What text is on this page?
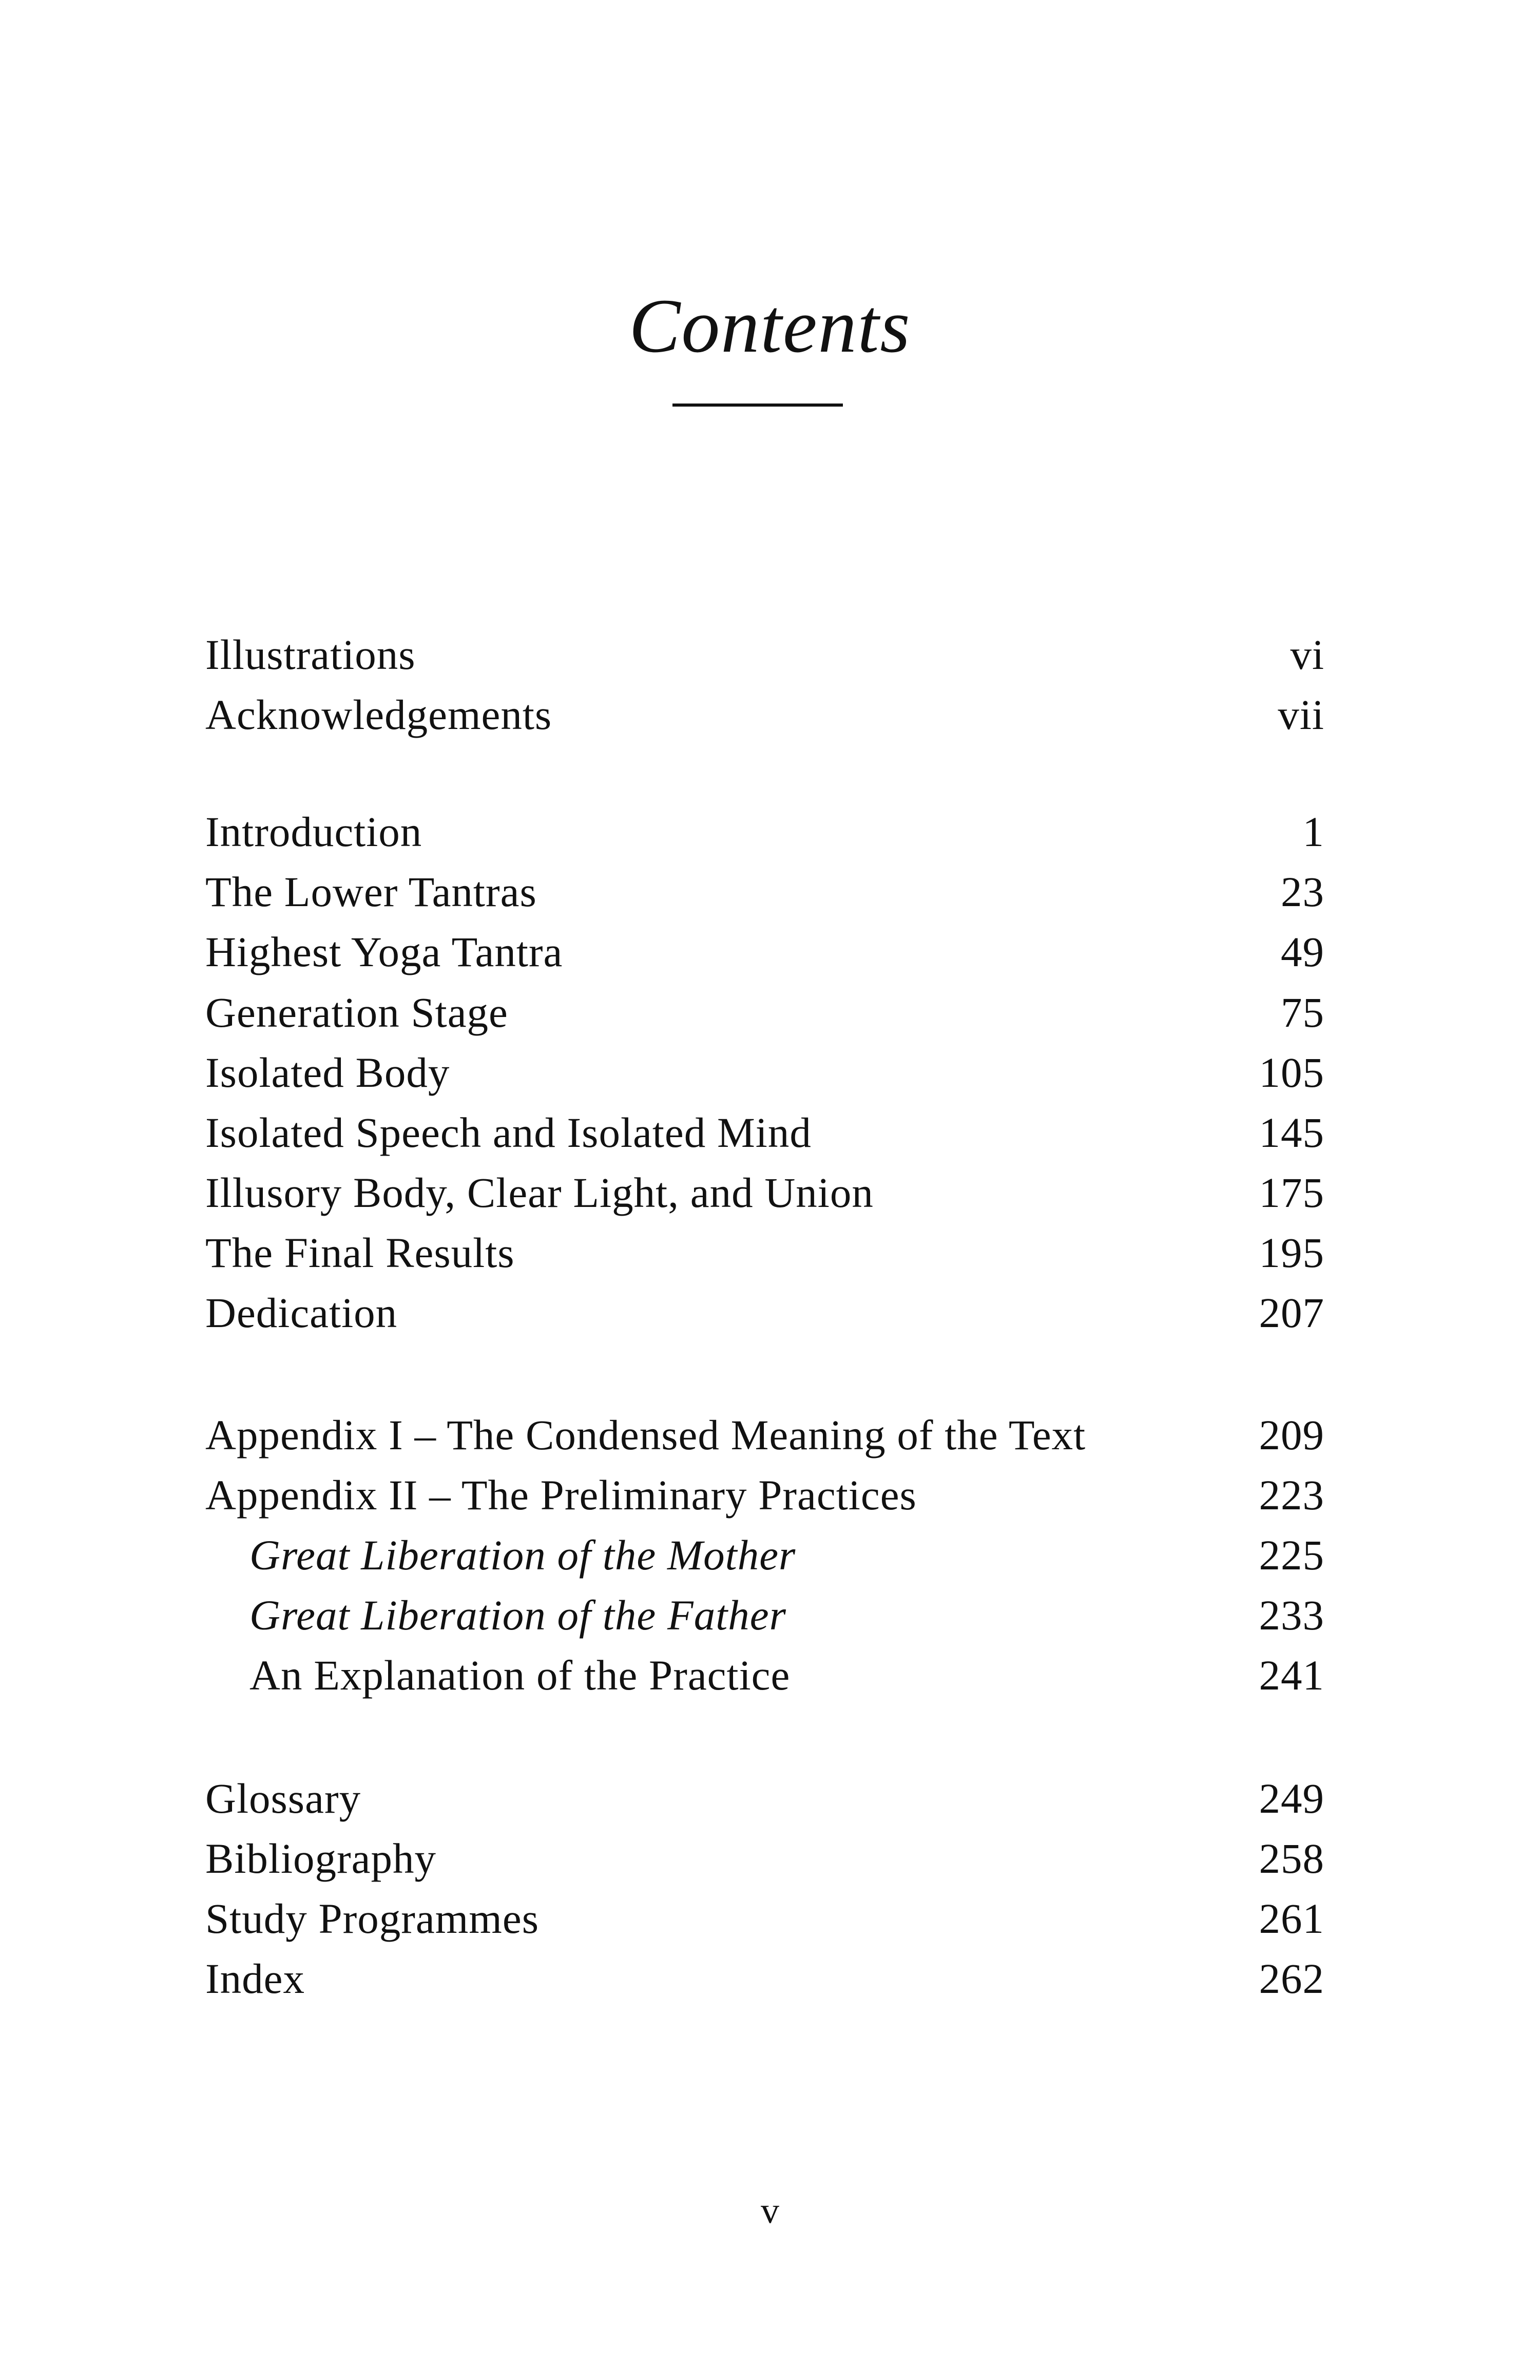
Contents
Illustrations	vi
Acknowledgements	vii
Introduction	1
The Lower Tantras	23
Highest Yoga Tantra	49
Generation Stage	75
Isolated Body	105
Isolated Speech and Isolated Mind	145
Illusory Body, Clear Light, and Union	175
The Final Results	195
Dedication	207
Appendix I – The Condensed Meaning of the Text	209
Appendix II – The Preliminary Practices	223
Great Liberation of the Mother	225
Great Liberation of the Father	233
An Explanation of the Practice	241
Glossary	249
Bibliography	258
Study Programmes	261
Index	262
v
